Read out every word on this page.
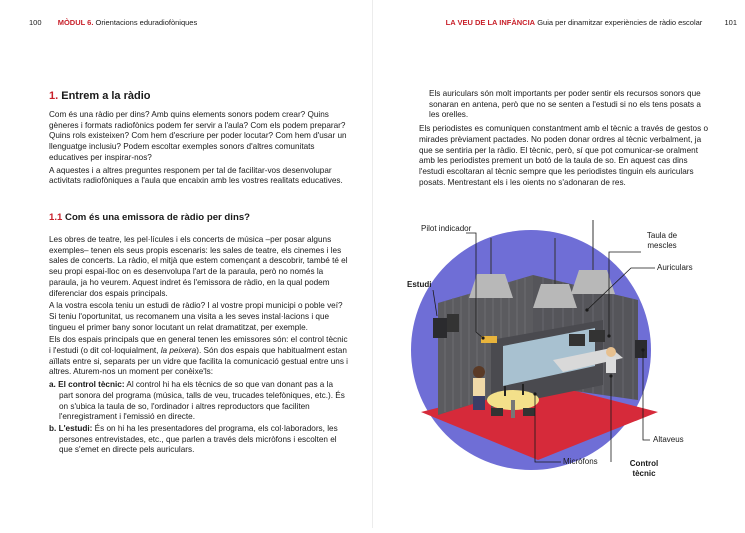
100 MÒDUL 6. Orientacions eduradiofòniques
1. Entrem a la ràdio

Com és una ràdio per dins? Amb quins elements sonors podem crear? Quins gèneres i formats radiofònics podem fer servir a l'aula? Com els podem preparar? Quins rols existeixen? Com hem d'escriure per poder locutar? Com hem d'usar un llenguatge inclusiu? Podem escoltar exemples sonors d'altres comunitats educatives per inspirar-nos?

A aquestes i a altres preguntes responem per tal de facilitar-vos desenvolupar activitats radiofòniques a l'aula que encaixin amb les vostres realitats educatives.

1.1 Com és una emissora de ràdio per dins?

Les obres de teatre, les pel·lícules i els concerts de música –per posar alguns exemples– tenen els seus propis escenaris: les sales de teatre, els cinemes i les sales de concerts. La ràdio, el mitjà que estem començant a descobrir, també té el seu propi espai-lloc on es desenvolupa l'art de la paraula, però no només la paraula, ja ho veurem. Aquest indret és l'emissora de ràdio, en la qual podem diferenciar dos espais principals.

A la vostra escola teniu un estudi de ràdio? I al vostre propi municipi o poble veí? Si teniu l'oportunitat, us recomanem una visita a les seves instal·lacions i que tingueu el primer bany sonor locutant un relat dramatitzat, per exemple.

Els dos espais principals que en general tenen les emissores són: el control tècnic i l'estudi (o dit col·loquialment, la peixera). Són dos espais que habitualment estan aïllats entre si, separats per un vidre que facilita la comunicació gestual entre uns i altres. Aturem-nos un moment per conèixe'ls:

a. El control tècnic: Al control hi ha els tècnics de so que van donant pas a la part sonora del programa (música, talls de veu, trucades telefòniques, etc.). És on s'ubica la taula de so, l'ordinador i altres reproductors que faciliten l'enregistrament i l'emissió en directe.

b. L'estudi: És on hi ha les presentadores del programa, els col·laboradors, les persones entrevistades, etc., que parlen a través dels micròfons i escolten el que s'emet en directe pels auriculars.

LA VEU DE LA INFÀNCIA Guia per dinamitzar experiències de ràdio escolar	101

Els auriculars són molt importants per poder sentir els recursos sonors que sonaran en antena, però que no se senten a l'estudi si no els tens posats a les orelles.

Els periodistes es comuniquen constantment amb el tècnic a través de gestos o mirades prèviament pactades. No poden donar ordres al tècnic verbalment, ja que se sentiria per la ràdio. El tècnic, però, sí que pot comunicar-se oralment amb les periodistes prement un botó de la taula de so. En aquest cas dins l'estudi escoltaran al tècnic sempre que les periodistes tinguin els auriculars posats. Mentrestant els i les oients no s'adonaran de res.

Pilot indicador
Estudi
Taula de mescles
Auriculars
Altaveus
Micròfons	Control tècnic
